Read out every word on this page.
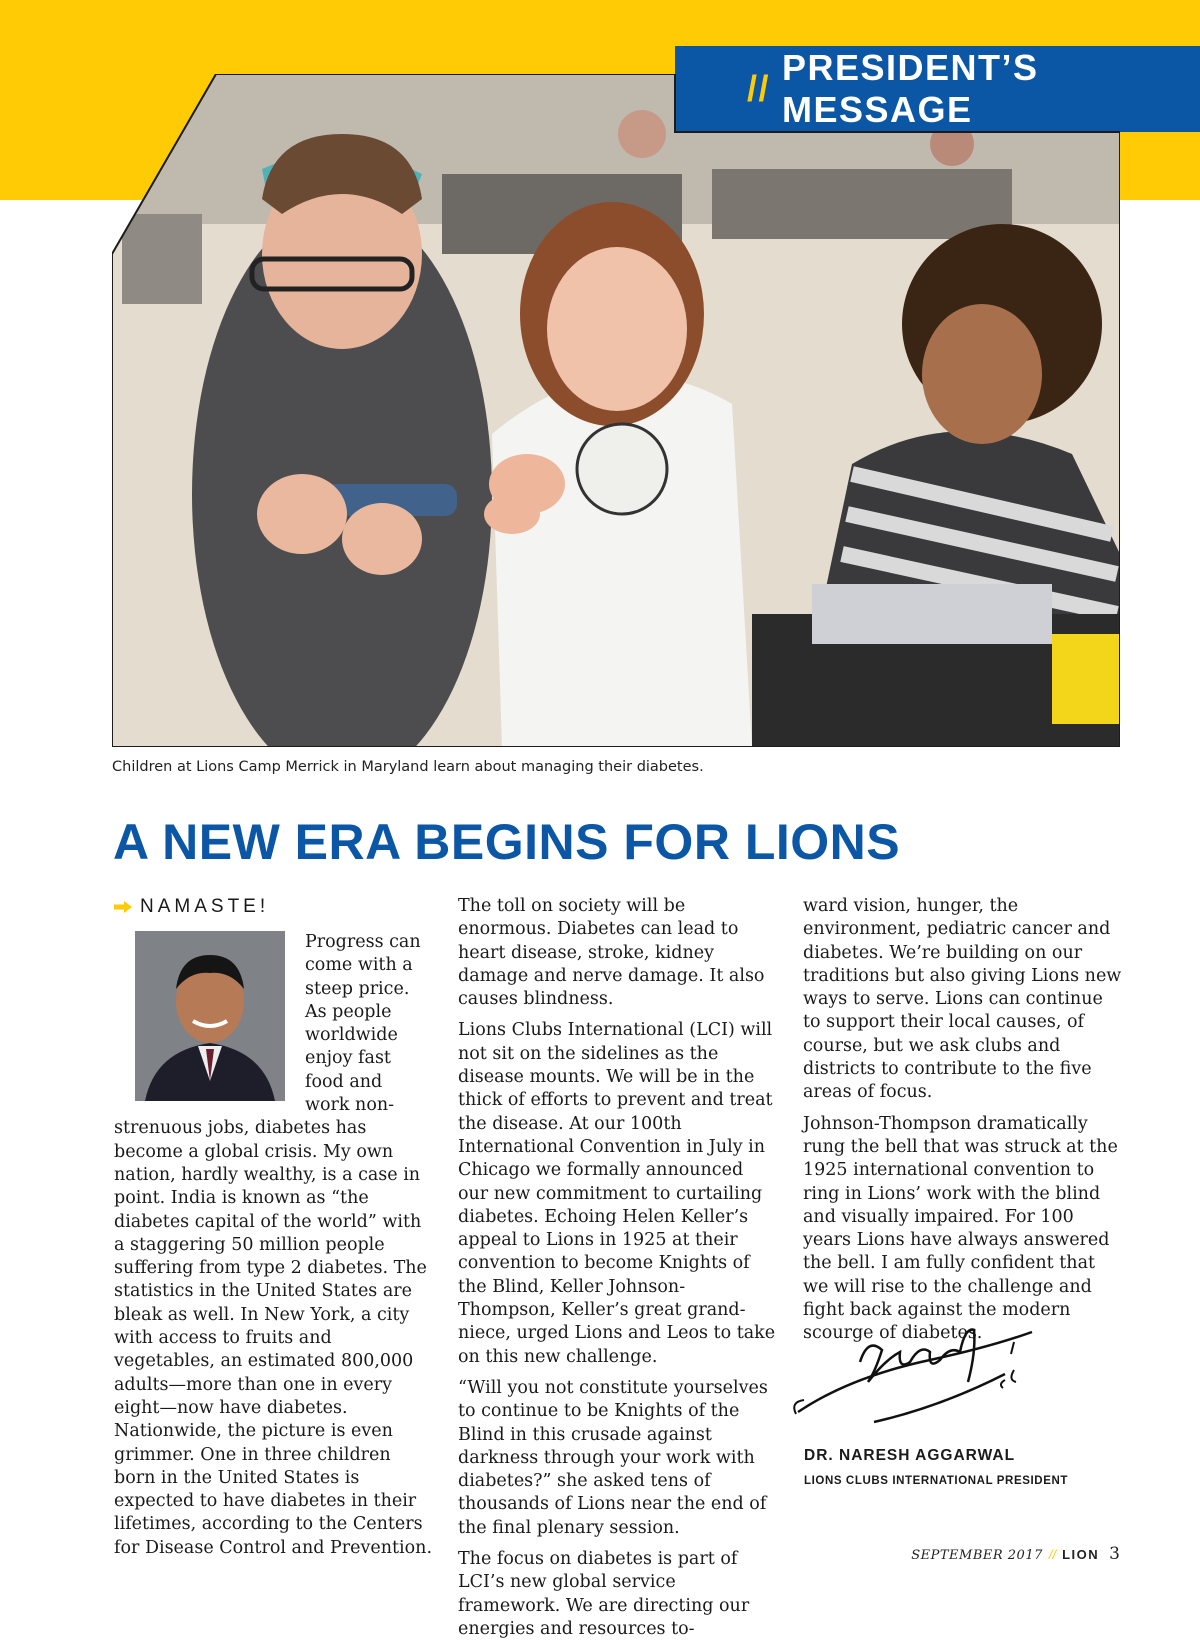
//
PRESIDENT’S MESSAGE
Children at Lions Camp Merrick in Maryland learn about managing their diabetes.
A NEW ERA BEGINS FOR LIONS
NAMASTE!

Progress can come with a steep price. As people worldwide enjoy fast food and work non-strenuous jobs, diabetes has become a global crisis. My own nation, hardly wealthy, is a case in point. India is known as “the diabetes capital of the world” with a staggering 50 million people suffering from type 2 diabetes. The statistics in the United States are bleak as well. In New York, a city with access to fruits and vegetables, an estimated 800,000 adults—more than one in every eight—now have diabetes. Nationwide, the picture is even grimmer. One in three children born in the United States is expected to have diabetes in their lifetimes, according to the Centers for Disease Control and Prevention.

The toll on society will be enormous. Diabetes can lead to heart disease, stroke, kidney damage and nerve damage. It also causes blindness.

Lions Clubs International (LCI) will not sit on the sidelines as the disease mounts. We will be in the thick of efforts to prevent and treat the disease. At our 100th International Convention in July in Chicago we formally announced our new commitment to curtailing diabetes. Echoing Helen Keller’s appeal to Lions in 1925 at their convention to become Knights of the Blind, Keller Johnson-Thompson, Keller’s great grand-niece, urged Lions and Leos to take on this new challenge.

“Will you not constitute yourselves to continue to be Knights of the Blind in this crusade against darkness through your work with diabetes?” she asked tens of thousands of Lions near the end of the final plenary session.

The focus on diabetes is part of LCI’s new global service framework. We are directing our energies and resources to-

ward vision, hunger, the environment, pediatric cancer and diabetes. We’re building on our traditions but also giving Lions new ways to serve. Lions can continue to support their local causes, of course, but we ask clubs and districts to contribute to the five areas of focus.

Johnson-Thompson dramatically rung the bell that was struck at the 1925 international convention to ring in Lions’ work with the blind and visually impaired. For 100 years Lions have always answered the bell. I am fully confident that we will rise to the challenge and fight back against the modern scourge of diabetes.

DR. NARESH AGGARWAL
LIONS CLUBS INTERNATIONAL PRESIDENT
SEPTEMBER 2017 // LION 3
